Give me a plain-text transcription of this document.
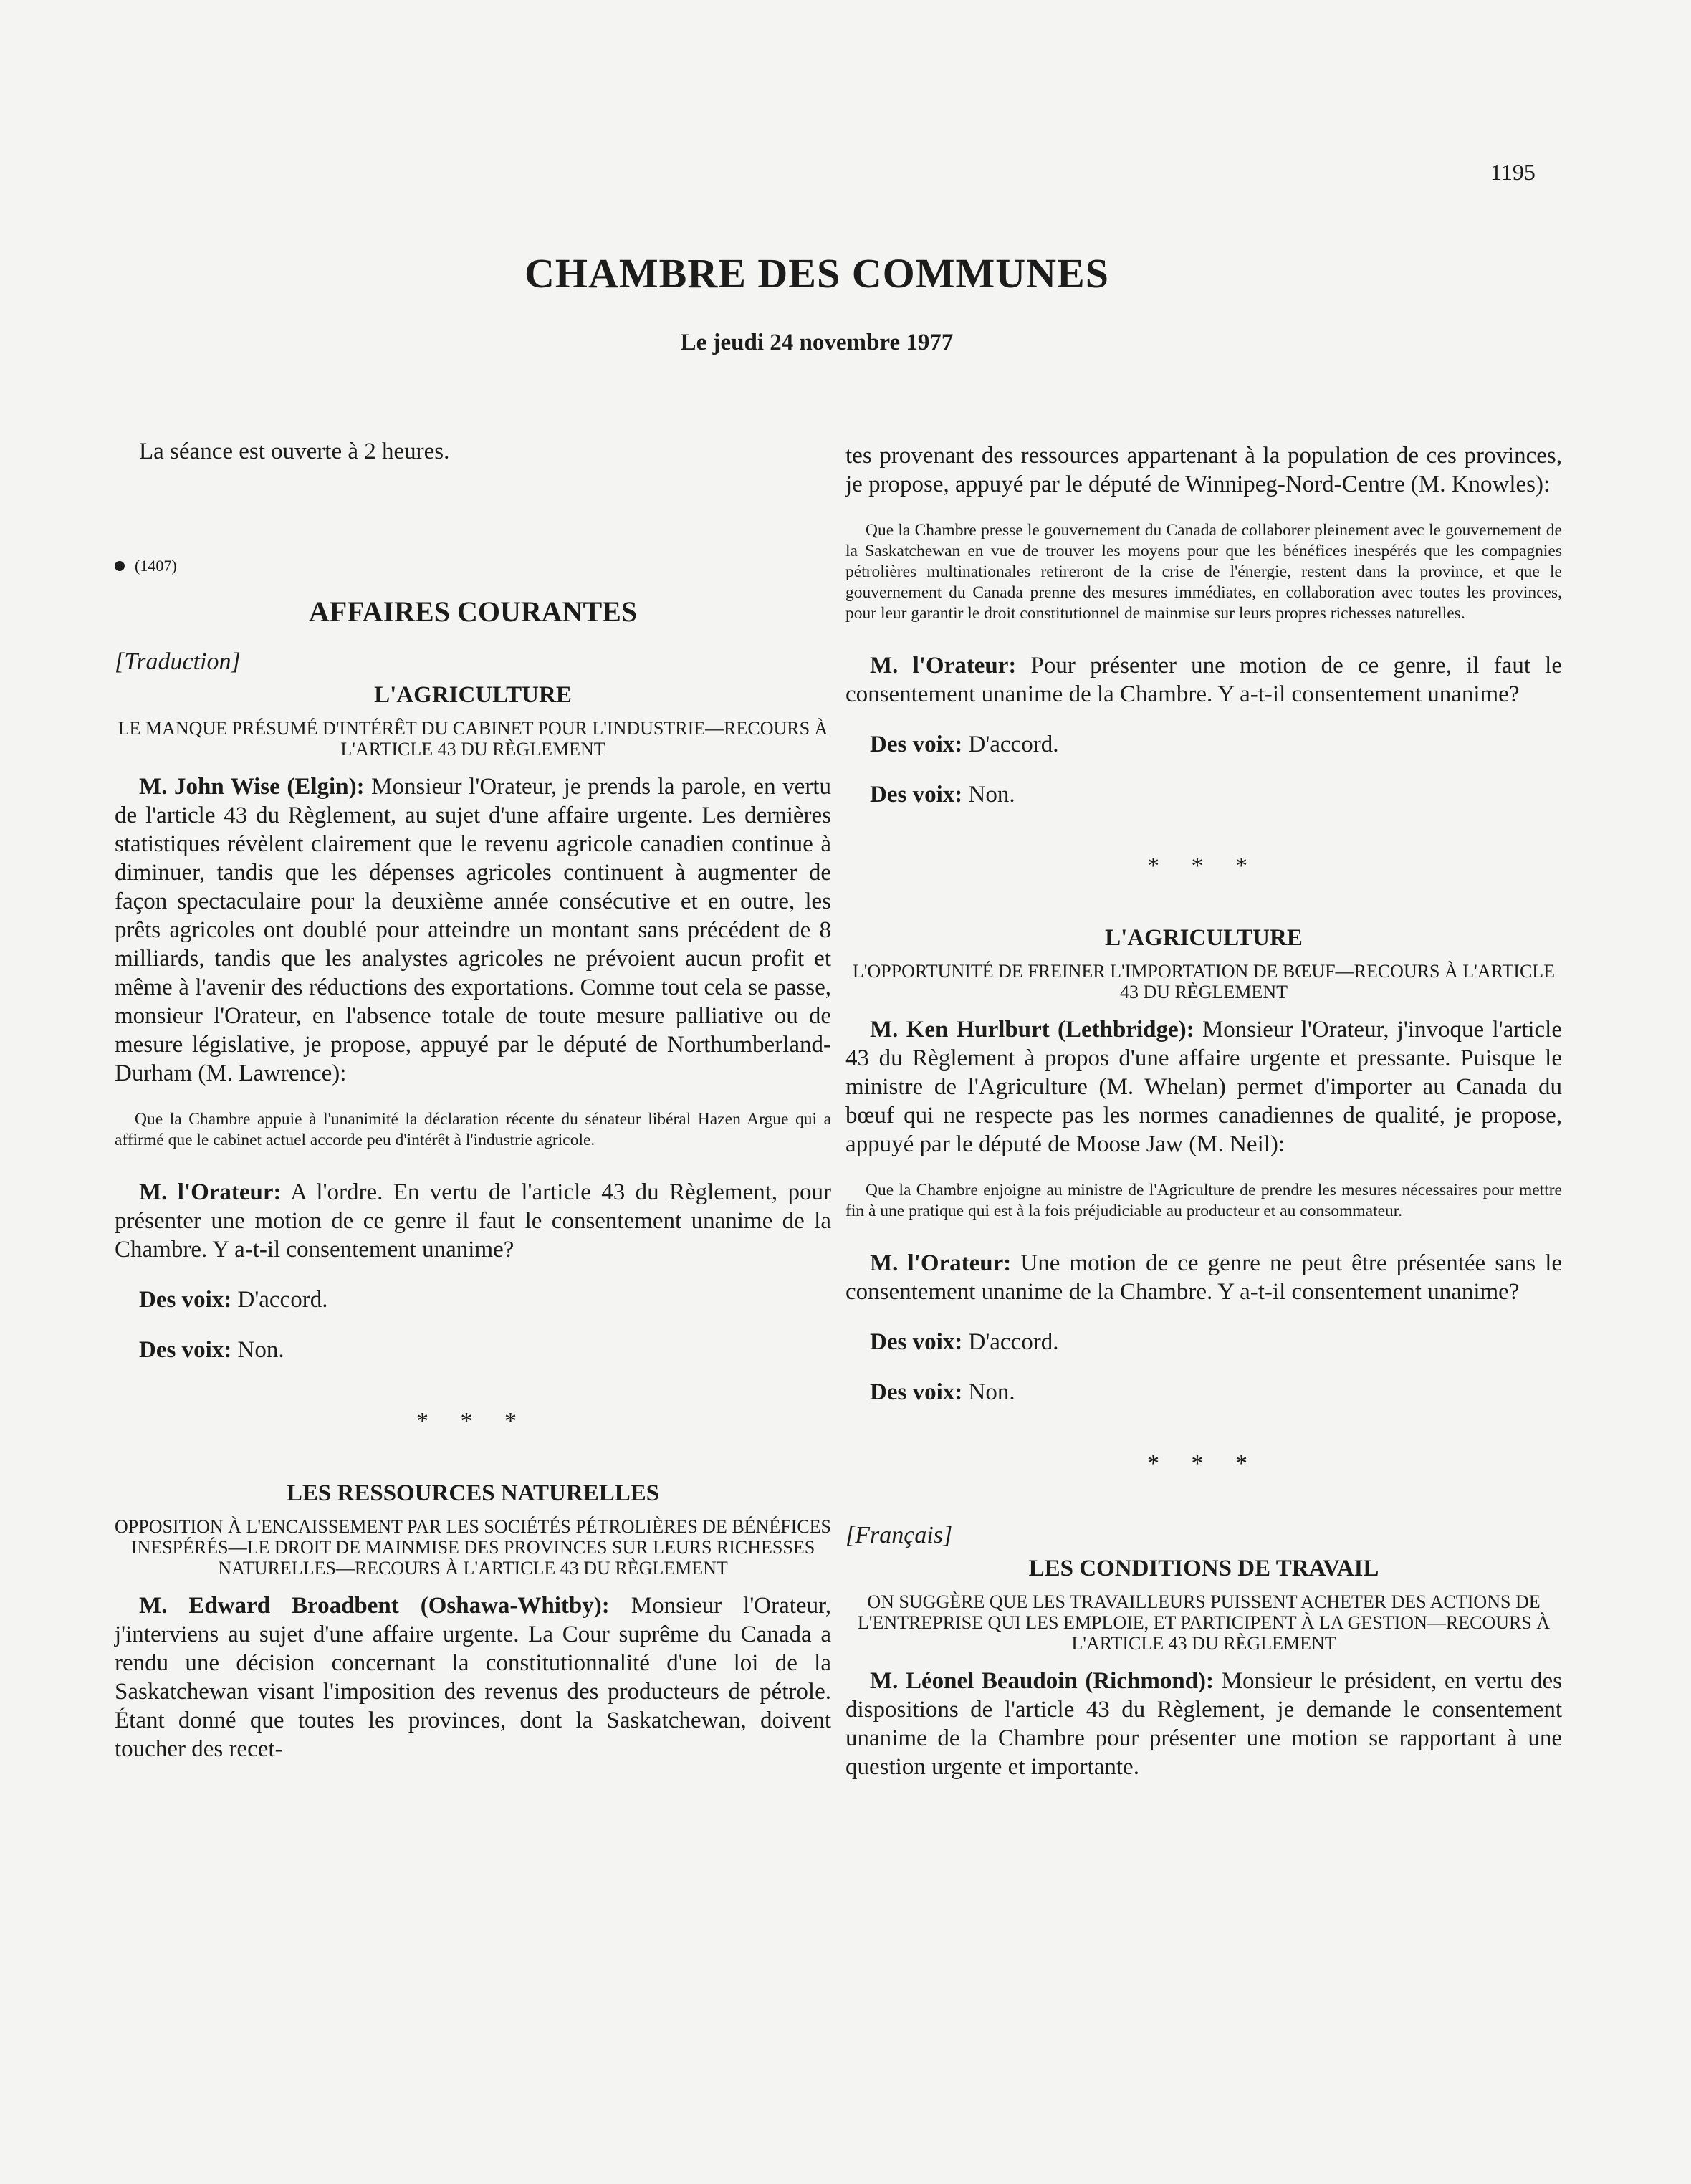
1195
CHAMBRE DES COMMUNES
Le jeudi 24 novembre 1977

La séance est ouverte à 2 heures.

(1407)
AFFAIRES COURANTES
[Traduction]
L'AGRICULTURE
LE MANQUE PRÉSUMÉ D'INTÉRÊT DU CABINET POUR L'INDUSTRIE—RECOURS À L'ARTICLE 43 DU RÈGLEMENT

M. John Wise (Elgin): Monsieur l'Orateur, je prends la parole, en vertu de l'article 43 du Règlement, au sujet d'une affaire urgente. Les dernières statistiques révèlent clairement que le revenu agricole canadien continue à diminuer, tandis que les dépenses agricoles continuent à augmenter de façon spectaculaire pour la deuxième année consécutive et en outre, les prêts agricoles ont doublé pour atteindre un montant sans précédent de 8 milliards, tandis que les analystes agricoles ne prévoient aucun profit et même à l'avenir des réductions des exportations. Comme tout cela se passe, monsieur l'Orateur, en l'absence totale de toute mesure palliative ou de mesure législative, je propose, appuyé par le député de Northumberland-Durham (M. Lawrence):

Que la Chambre appuie à l'unanimité la déclaration récente du sénateur libéral Hazen Argue qui a affirmé que le cabinet actuel accorde peu d'intérêt à l'industrie agricole.

M. l'Orateur: A l'ordre. En vertu de l'article 43 du Règlement, pour présenter une motion de ce genre il faut le consentement unanime de la Chambre. Y a-t-il consentement unanime?

Des voix: D'accord.

Des voix: Non.

* * *
LES RESSOURCES NATURELLES
OPPOSITION À L'ENCAISSEMENT PAR LES SOCIÉTÉS PÉTROLIÈRES DE BÉNÉFICES INESPÉRÉS—LE DROIT DE MAINMISE DES PROVINCES SUR LEURS RICHESSES NATURELLES—RECOURS À L'ARTICLE 43 DU RÈGLEMENT

M. Edward Broadbent (Oshawa-Whitby): Monsieur l'Orateur, j'interviens au sujet d'une affaire urgente. La Cour suprême du Canada a rendu une décision concernant la constitutionnalité d'une loi de la Saskatchewan visant l'imposition des revenus des producteurs de pétrole. Étant donné que toutes les provinces, dont la Saskatchewan, doivent toucher des recet-

tes provenant des ressources appartenant à la population de ces provinces, je propose, appuyé par le député de Winnipeg-Nord-Centre (M. Knowles):

Que la Chambre presse le gouvernement du Canada de collaborer pleinement avec le gouvernement de la Saskatchewan en vue de trouver les moyens pour que les bénéfices inespérés que les compagnies pétrolières multinationales retireront de la crise de l'énergie, restent dans la province, et que le gouvernement du Canada prenne des mesures immédiates, en collaboration avec toutes les provinces, pour leur garantir le droit constitutionnel de mainmise sur leurs propres richesses naturelles.

M. l'Orateur: Pour présenter une motion de ce genre, il faut le consentement unanime de la Chambre. Y a-t-il consentement unanime?

Des voix: D'accord.

Des voix: Non.

* * *
L'AGRICULTURE
L'OPPORTUNITÉ DE FREINER L'IMPORTATION DE BŒUF—RECOURS À L'ARTICLE 43 DU RÈGLEMENT

M. Ken Hurlburt (Lethbridge): Monsieur l'Orateur, j'invoque l'article 43 du Règlement à propos d'une affaire urgente et pressante. Puisque le ministre de l'Agriculture (M. Whelan) permet d'importer au Canada du bœuf qui ne respecte pas les normes canadiennes de qualité, je propose, appuyé par le député de Moose Jaw (M. Neil):

Que la Chambre enjoigne au ministre de l'Agriculture de prendre les mesures nécessaires pour mettre fin à une pratique qui est à la fois préjudiciable au producteur et au consommateur.

M. l'Orateur: Une motion de ce genre ne peut être présentée sans le consentement unanime de la Chambre. Y a-t-il consentement unanime?

Des voix: D'accord.

Des voix: Non.

* * *
[Français]
LES CONDITIONS DE TRAVAIL
ON SUGGÈRE QUE LES TRAVAILLEURS PUISSENT ACHETER DES ACTIONS DE L'ENTREPRISE QUI LES EMPLOIE, ET PARTICIPENT À LA GESTION—RECOURS À L'ARTICLE 43 DU RÈGLEMENT

M. Léonel Beaudoin (Richmond): Monsieur le président, en vertu des dispositions de l'article 43 du Règlement, je demande le consentement unanime de la Chambre pour présenter une motion se rapportant à une question urgente et importante.
